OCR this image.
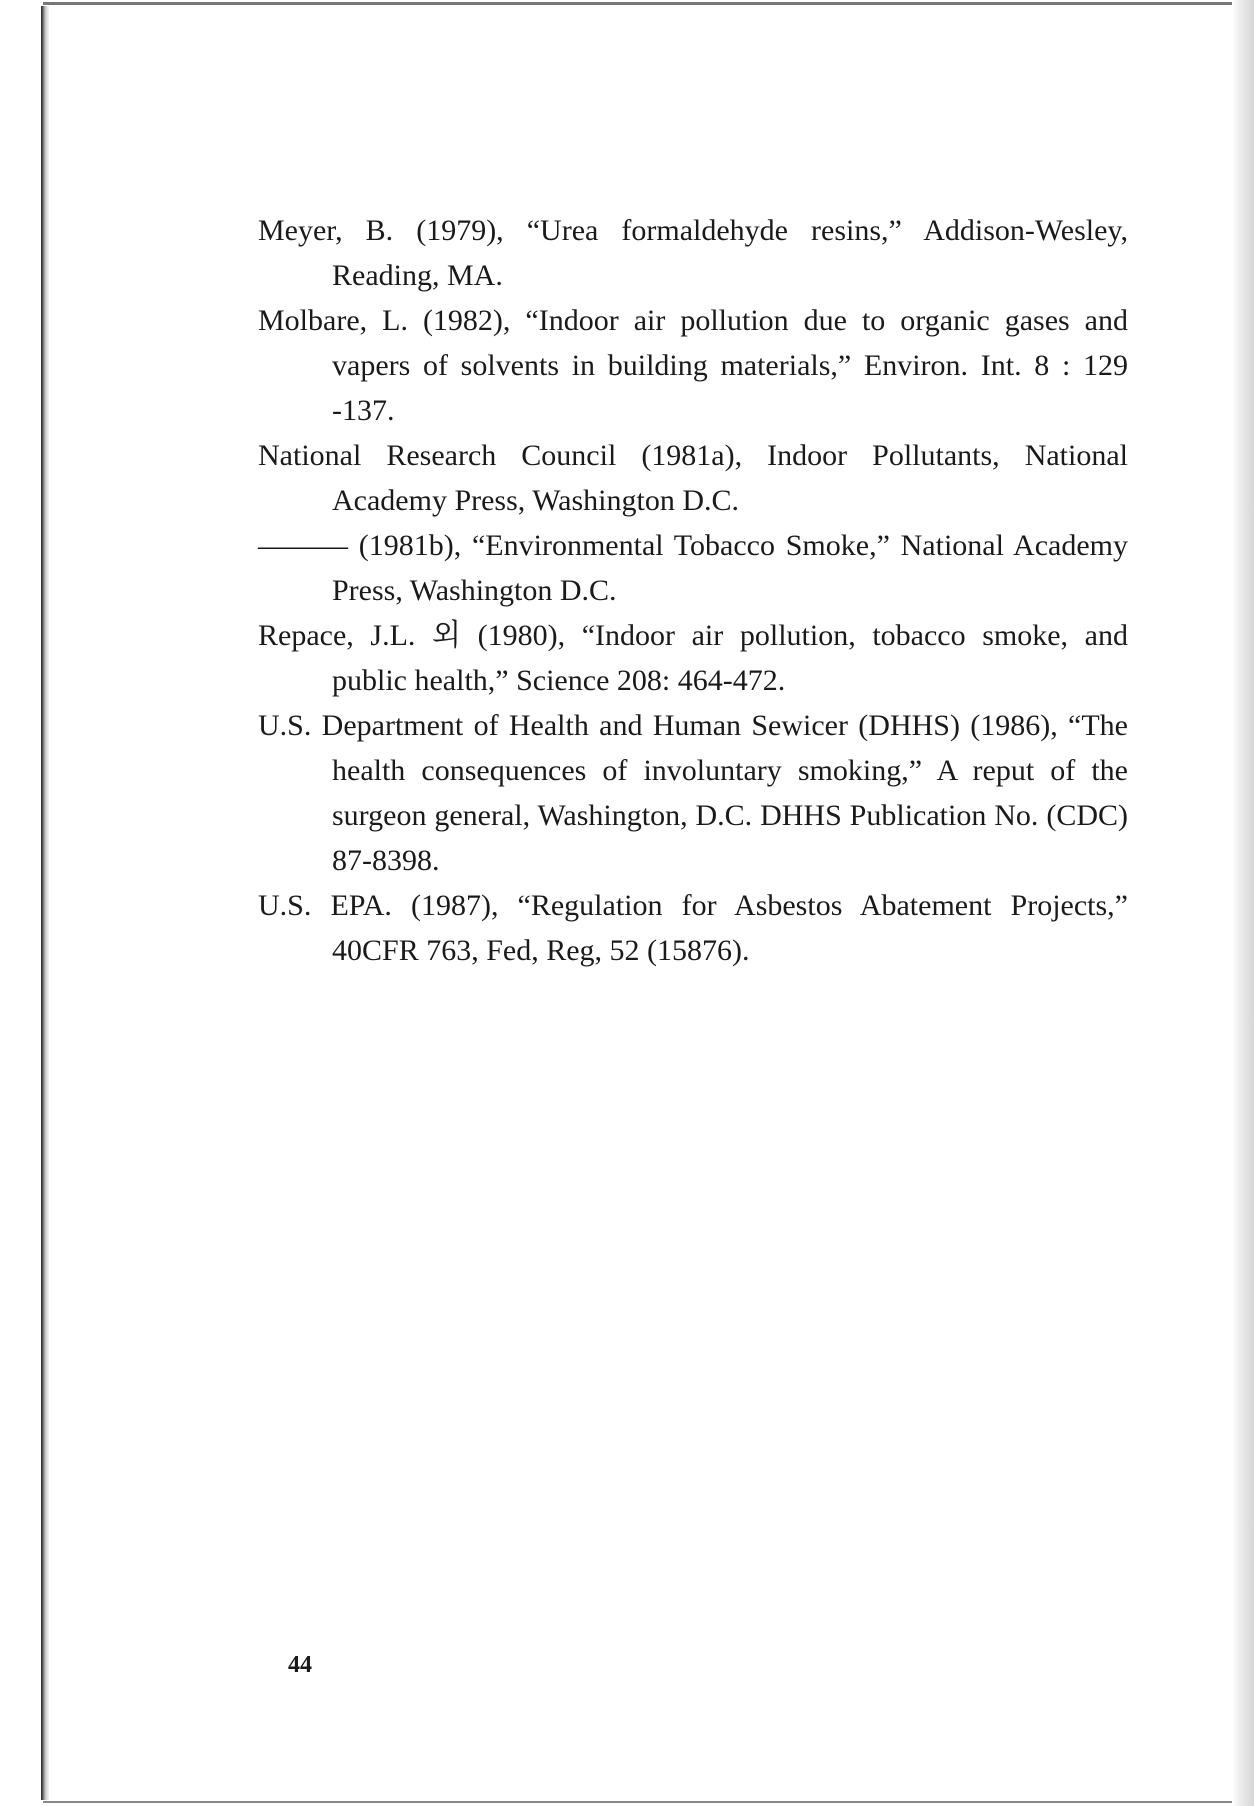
Meyer, B. (1979), “Urea formaldehyde resins,” Addison-Wesley, Reading, MA.

Molbare, L. (1982), “Indoor air pollution due to organic gases and vapers of solvents in building materials,” Environ. Int. 8 : 129 -137.

National Research Council (1981a), Indoor Pollutants, National Academy Press, Washington D.C.

——— (1981b), “Environmental Tobacco Smoke,” National Academy Press, Washington D.C.

Repace, J.L. 외 (1980), “Indoor air pollution, tobacco smoke, and public health,” Science 208: 464-472.

U.S. Department of Health and Human Sewicer (DHHS) (1986), “The health consequences of involuntary smoking,” A reput of the surgeon general, Washington, D.C. DHHS Publication No. (CDC) 87-8398.

U.S. EPA. (1987), “Regulation for Asbestos Abatement Projects,” 40CFR 763, Fed, Reg, 52 (15876).

44
